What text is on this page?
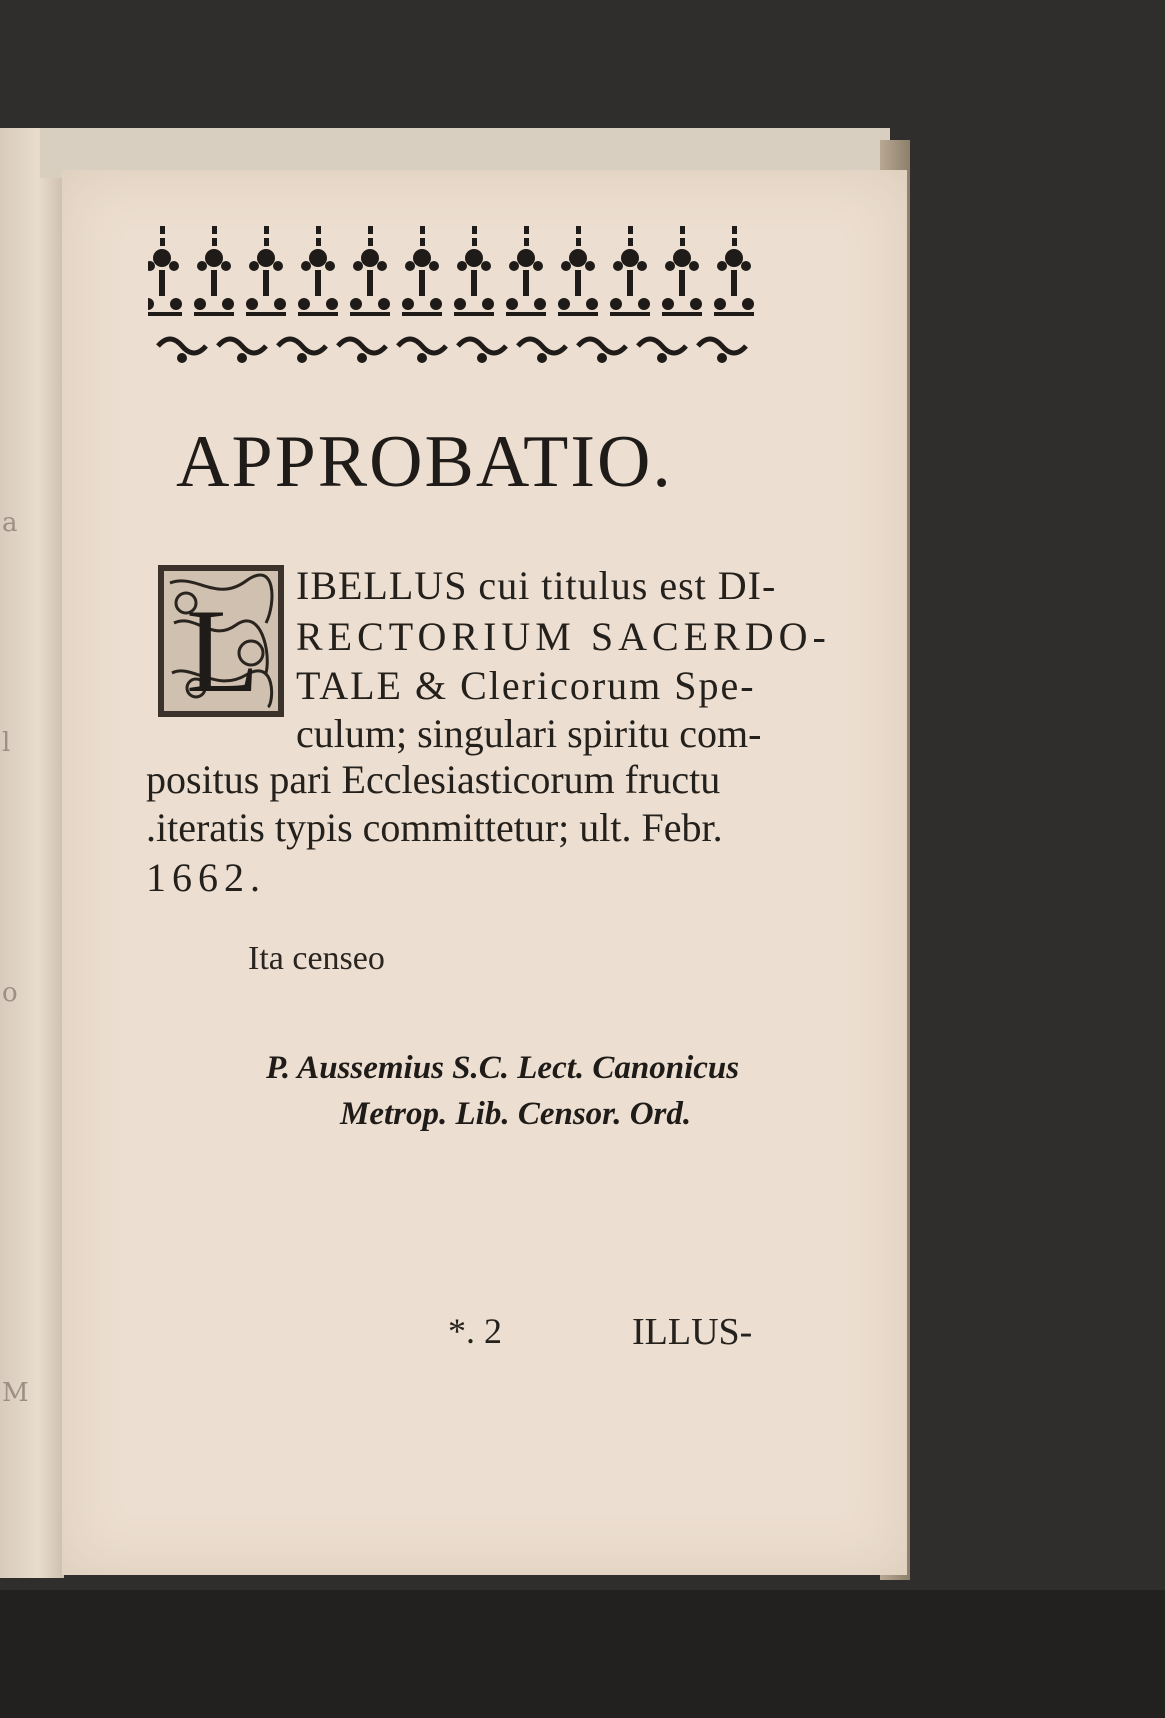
a
l
o
M
APPROBATIO.
L IBELLUS cui titulus est DI-
RECTORIUM SACERDO-
TALE & Clericorum Spe-
culum; singulari spiritu com-
positus pari Ecclesiasticorum fructu
.iteratis typis committetur; ult. Febr.
1662.
Ita censeo
P. Aussemius S.C. Lect. Canonicus
Metrop. Lib. Censor. Ord.
*. 2	ILLUS-
